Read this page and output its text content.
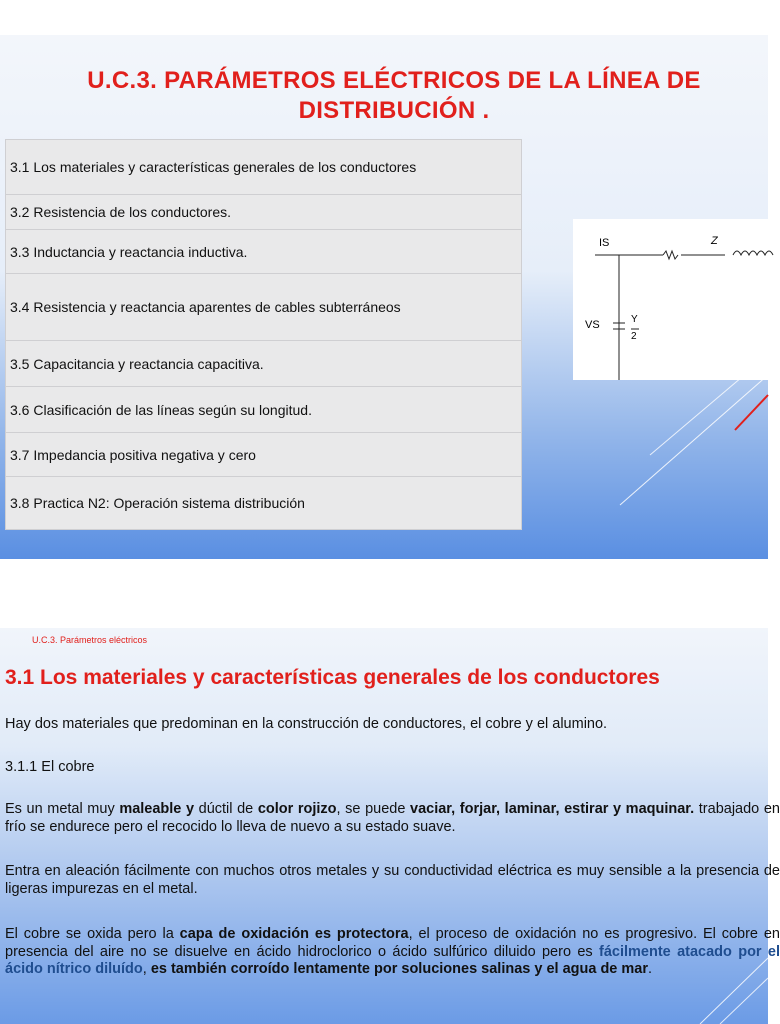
U.C.3. PARÁMETROS ELÉCTRICOS DE LA LÍNEA DE DISTRIBUCIÓN .
3.1 Los materiales y características generales de los conductores
3.2 Resistencia de los conductores.
3.3 Inductancia y reactancia inductiva.
3.4 Resistencia y reactancia aparentes de cables subterráneos
3.5 Capacitancia y reactancia capacitiva.
3.6 Clasificación de las líneas según su longitud.
3.7 Impedancia positiva negativa y cero
3.8 Practica N2: Operación sistema distribución
IS	Z
VS	Y
2
U.C.3. Parámetros eléctricos
3.1 Los materiales y características generales de los conductores
Hay dos materiales que predominan en la construcción de conductores, el cobre y el alumino.
3.1.1 El cobre
Es un metal muy maleable y dúctil de color rojizo, se puede vaciar, forjar, laminar, estirar y maquinar. trabajado en frío se endurece pero el recocido lo lleva de nuevo a su estado suave.
Entra en aleación fácilmente con muchos otros metales y su conductividad eléctrica es muy sensible a la presencia de ligeras impurezas en el metal.
El cobre se oxida pero la capa de oxidación es protectora, el proceso de oxidación no es progresivo. El cobre en presencia del aire no se disuelve en ácido hidroclorico o ácido sulfúrico diluido pero es fácilmente atacado por el ácido nítrico diluído, es también corroído lentamente por soluciones salinas y el agua de mar.
